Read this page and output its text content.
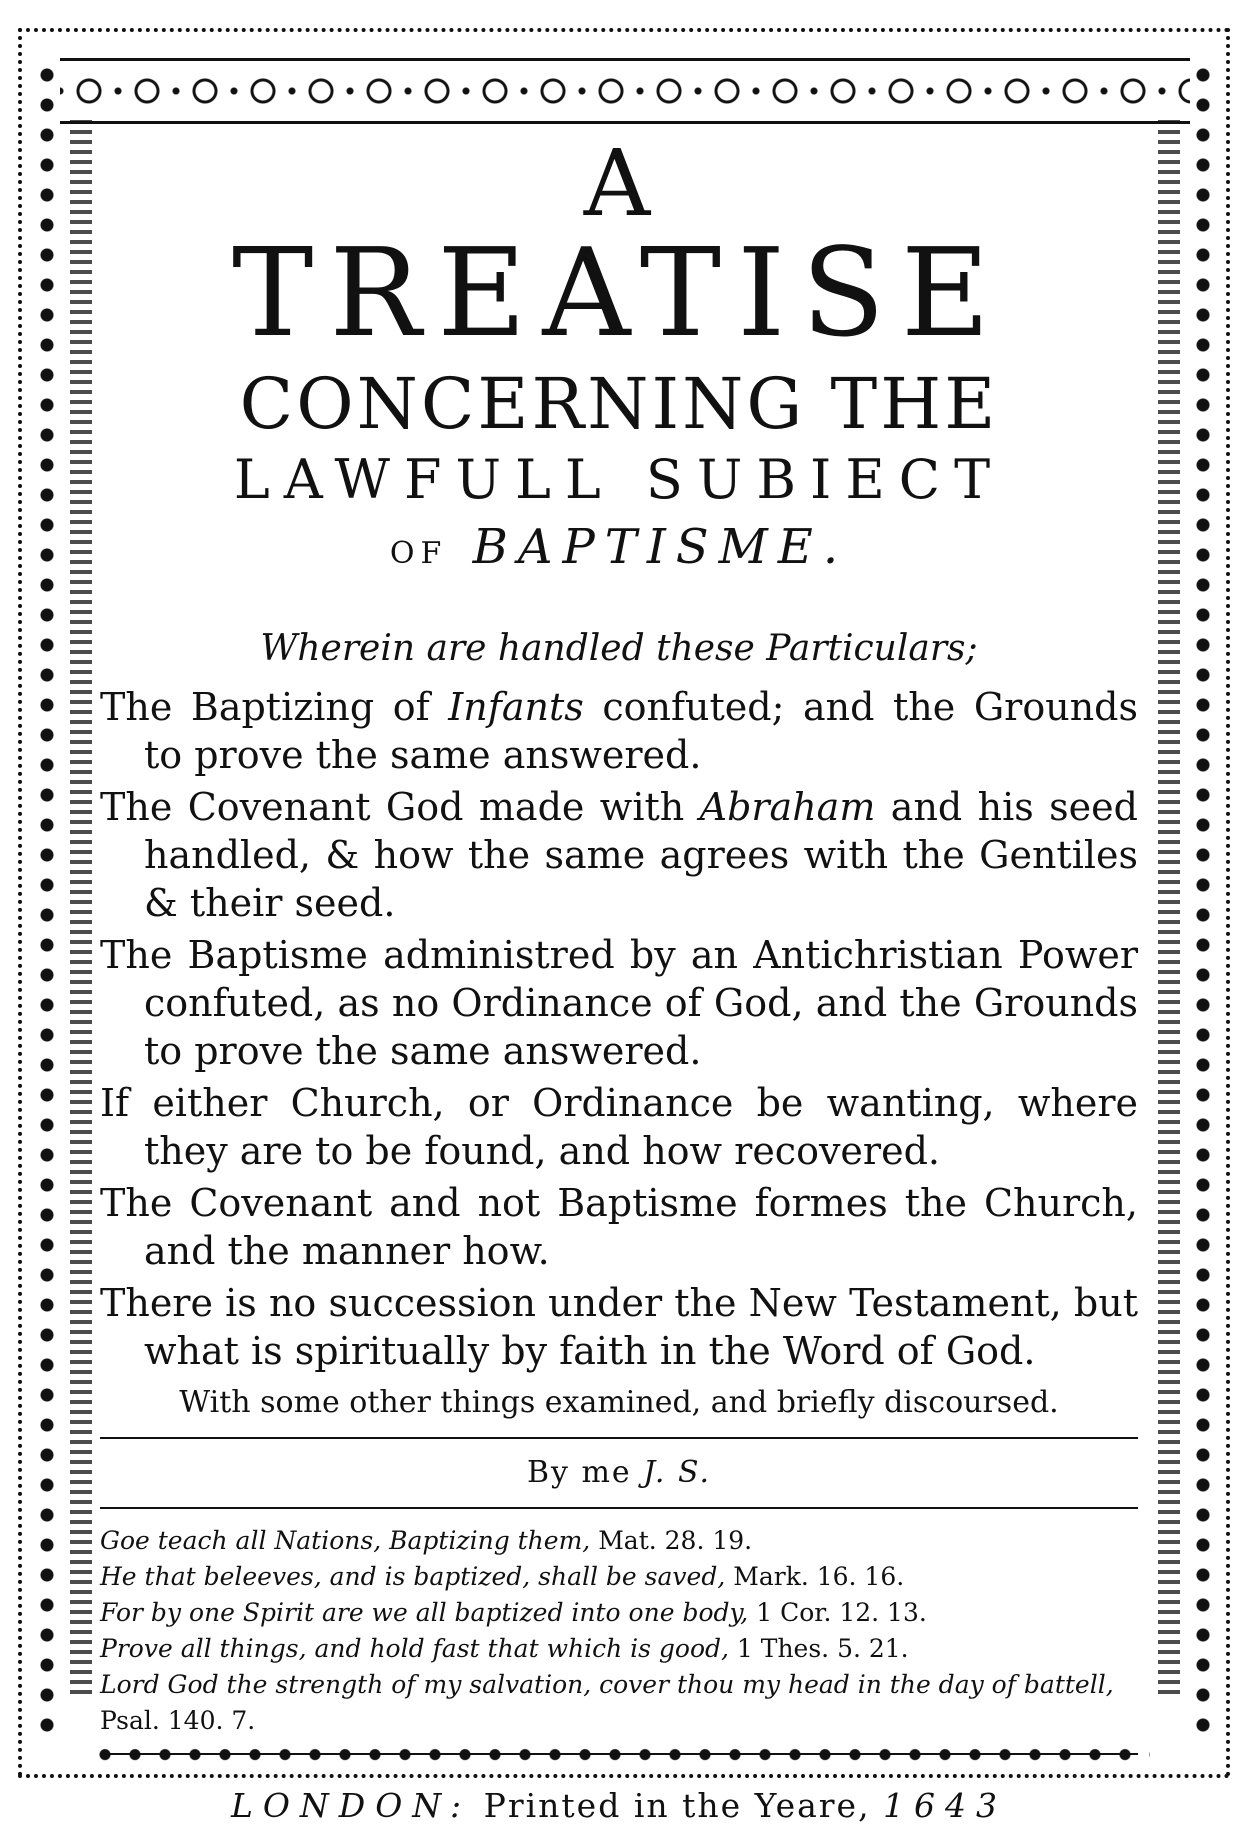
A
TREATISE
CONCERNING THE
LAWFULL SUBIECT
OF BAPTISME.
Wherein are handled these Particulars;

The Baptizing of Infants confuted; and the Grounds to prove the same answered.

The Covenant God made with Abraham and his seed handled, & how the same agrees with the Gentiles & their seed.

The Baptisme administred by an Antichristian Power confuted, as no Ordinance of God, and the Grounds to prove the same answered.

If either Church, or Ordinance be wanting, where they are to be found, and how recovered.

The Covenant and not Baptisme formes the Church, and the manner how.

There is no succession under the New Testament, but what is spiritually by faith in the Word of God.

With some other things examined, and briefly discoursed.
By me J. S.

Goe teach all Nations, Baptizing them, Mat. 28. 19.

He that beleeves, and is baptized, shall be saved, Mark. 16. 16.

For by one Spirit are we all baptized into one body, 1 Cor. 12. 13.

Prove all things, and hold fast that which is good, 1 Thes. 5. 21.

Lord God the strength of my salvation, cover thou my head in the day of battell, Psal. 140. 7.

LONDON: Printed in the Yeare, 1643
